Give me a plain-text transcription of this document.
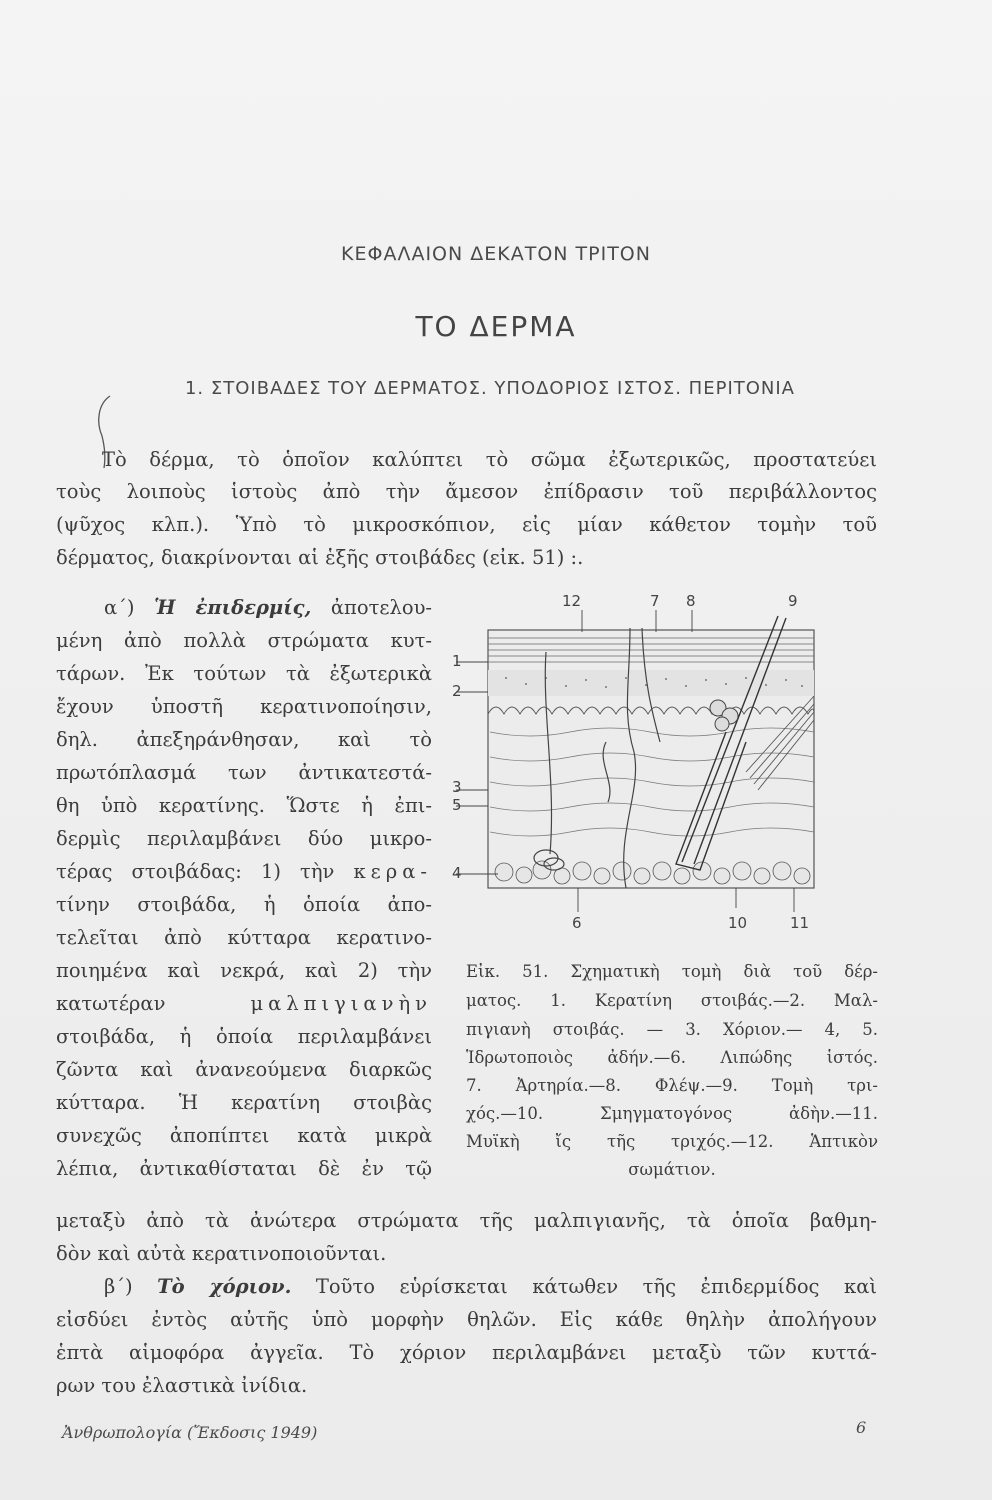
ΚΕΦΑΛΑΙΟΝ ΔΕΚΑΤΟΝ ΤΡΙΤΟΝ
ΤΟ ΔΕΡΜΑ
1. ΣΤΟΙΒΑΔΕΣ ΤΟΥ ΔΕΡΜΑΤΟΣ. ΥΠΟΔΟΡΙΟΣ ΙΣΤΟΣ. ΠΕΡΙΤΟΝΙΑ
Τὸ δέρμα, τὸ ὁποῖον καλύπτει τὸ σῶμα ἐξωτερικῶς, προστατεύει
τοὺς λοιποὺς ἱστοὺς ἀπὸ τὴν ἄμεσον ἐπίδρασιν τοῦ περιβάλλοντος
(ψῦχος κλπ.). Ὑπὸ τὸ μικροσκόπιον, εἰς μίαν κάθετον τομὴν τοῦ
δέρματος, διακρίνονται αἱ ἑξῆς στοιβάδες (εἰκ. 51) :.
α΄) Ἡ ἐπιδερμίς, ἀποτελου-
μένη ἀπὸ πολλὰ στρώματα κυτ-
τάρων. Ἐκ τούτων τὰ ἐξωτερικὰ
ἔχουν ὑποστῆ κερατινοποίησιν,
δηλ. ἀπεξηράνθησαν, καὶ τὸ
πρωτόπλασμά των ἀντικατεστά-
θη ὑπὸ κερατίνης. Ὥστε ἡ ἐπι-
δερμὶς περιλαμβάνει δύο μικρο-
τέρας στοιβάδας: 1) τὴν κερα-
τίνην στοιβάδα, ἡ ὁποία ἀπο-
τελεῖται ἀπὸ κύτταρα κερατινο-
ποιημένα καὶ νεκρά, καὶ 2) τὴν
κατωτέραν	μαλπιγιανὴν
στοιβάδα, ἡ ὁποία περιλαμβάνει
ζῶντα καὶ ἀνανεούμενα διαρκῶς
κύτταρα. Ἡ κερατίνη στοιβὰς
συνεχῶς ἀποπίπτει κατὰ μικρὰ
λέπια, ἀντικαθίσταται δὲ ἐν τῷ
12	7 8	9
1
2
3
5
4
6	10	11
Εἰκ. 51. Σχηματικὴ τομὴ διὰ τοῦ δέρ-
ματος. 1. Κερατίνη στοιβάς.—2. Μαλ-
πιγιανὴ στοιβάς. — 3. Χόριον.— 4, 5.
Ἱδρωτοποιὸς ἀδήν.—6. Λιπώδης ἱστός.
7. Ἀρτηρία.—8. Φλέψ.—9. Τομὴ τρι-
χός.—10. Σμηγματογόνος ἀδὴν.—11.
Μυϊκὴ ἴς τῆς τριχός.—12. Ἁπτικὸν
σωμάτιον.
μεταξὺ ἀπὸ τὰ ἀνώτερα στρώματα τῆς μαλπιγιανῆς, τὰ ὁποῖα βαθμη-
δὸν καὶ αὐτὰ κερατινοποιοῦνται.
β΄) Τὸ χόριον. Τοῦτο εὑρίσκεται κάτωθεν τῆς ἐπιδερμίδος καὶ
εἰσδύει ἐντὸς αὐτῆς ὑπὸ μορφὴν θηλῶν. Εἰς κάθε θηλὴν ἀπολήγουν
ἑπτὰ αἱμοφόρα ἀγγεῖα. Τὸ χόριον περιλαμβάνει μεταξὺ τῶν κυττά-
ρων του ἐλαστικὰ ἰνίδια.
Ἀνθρωπολογία (Ἔκδοσις 1949)	6
